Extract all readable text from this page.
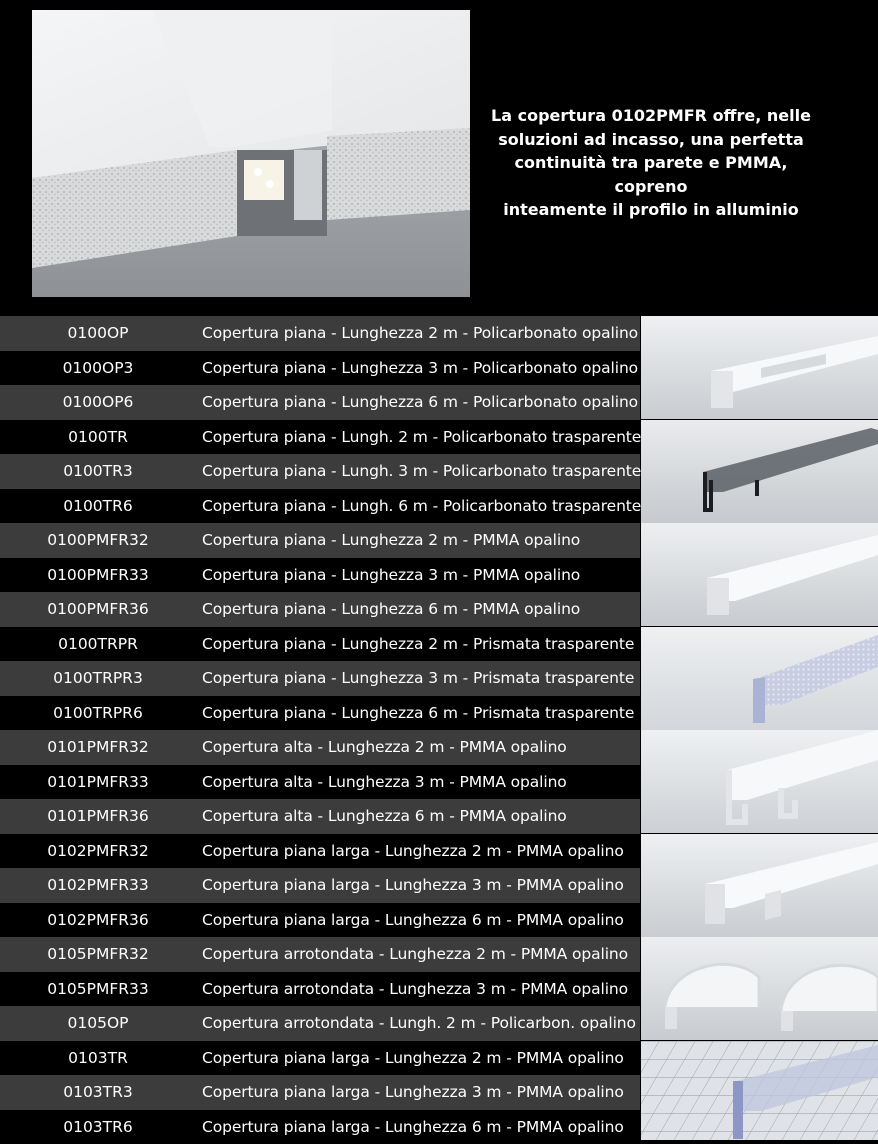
La copertura 0102PMFR offre, nelle
soluzioni ad incasso, una perfetta
continuità tra parete e PMMA, copreno
inteamente il profilo in alluminio
0100OP	Copertura piana - Lunghezza 2 m - Policarbonato opalino
0100OP3	Copertura piana - Lunghezza 3 m - Policarbonato opalino
0100OP6	Copertura piana - Lunghezza 6 m - Policarbonato opalino
0100TR	Copertura piana - Lungh. 2 m - Policarbonato trasparente
0100TR3	Copertura piana - Lungh. 3 m - Policarbonato trasparente
0100TR6	Copertura piana - Lungh. 6 m - Policarbonato trasparente
0100PMFR32	Copertura piana - Lunghezza 2 m - PMMA opalino
0100PMFR33	Copertura piana - Lunghezza 3 m - PMMA opalino
0100PMFR36	Copertura piana - Lunghezza 6 m - PMMA opalino
0100TRPR	Copertura piana - Lunghezza 2 m - Prismata trasparente
0100TRPR3	Copertura piana - Lunghezza 3 m - Prismata trasparente
0100TRPR6	Copertura piana - Lunghezza 6 m - Prismata trasparente
0101PMFR32	Copertura alta - Lunghezza 2 m - PMMA opalino
0101PMFR33	Copertura alta - Lunghezza 3 m - PMMA opalino
0101PMFR36	Copertura alta - Lunghezza 6 m - PMMA opalino
0102PMFR32	Copertura piana larga - Lunghezza 2 m - PMMA opalino
0102PMFR33	Copertura piana larga - Lunghezza 3 m - PMMA opalino
0102PMFR36	Copertura piana larga - Lunghezza 6 m - PMMA opalino
0105PMFR32	Copertura arrotondata - Lunghezza 2 m - PMMA opalino
0105PMFR33	Copertura arrotondata - Lunghezza 3 m - PMMA opalino
0105OP	Copertura arrotondata - Lungh. 2 m - Policarbon. opalino
0103TR	Copertura piana larga - Lunghezza 2 m - PMMA opalino
0103TR3	Copertura piana larga - Lunghezza 3 m - PMMA opalino
0103TR6	Copertura piana larga - Lunghezza 6 m - PMMA opalino
